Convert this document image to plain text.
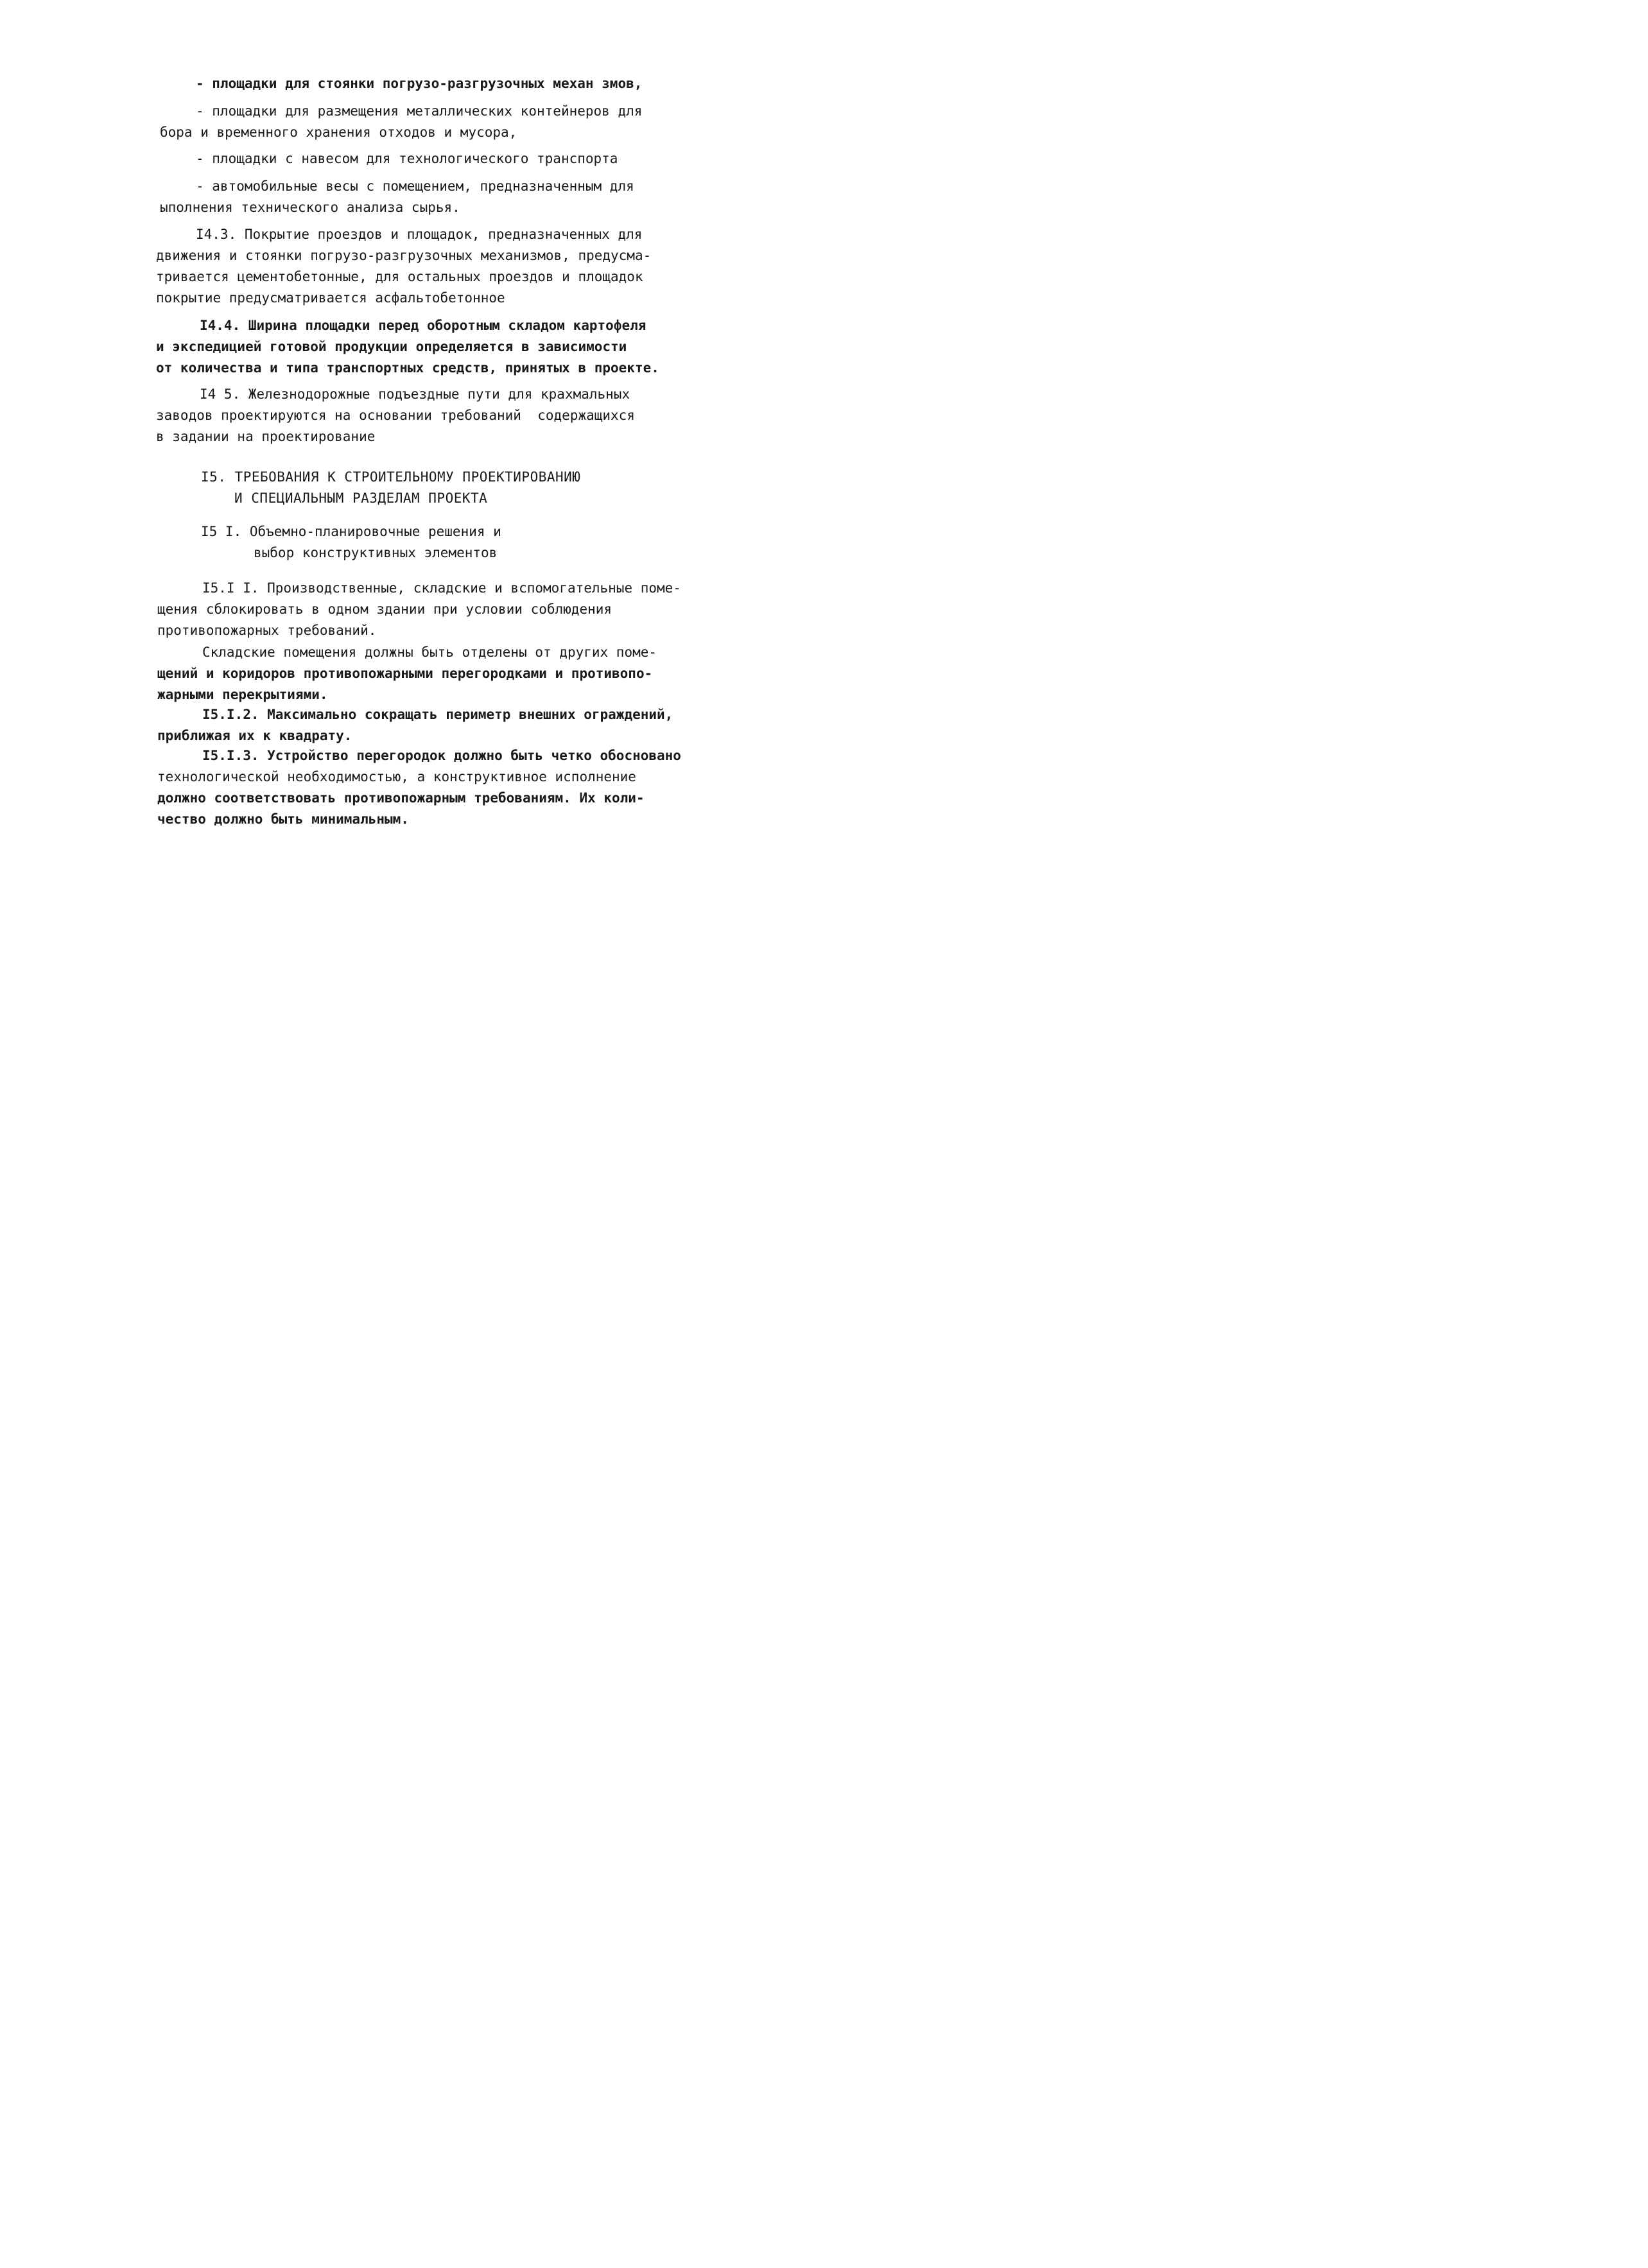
- площадки для стоянки погрузо-разгрузочных механ змов,
- площадки для размещения металлических контейнеров для
бора и временного хранения отходов и мусора,
- площадки с навесом для технологического транспорта
- автомобильные весы с помещением, предназначенным для
ыполнения технического анализа сырья.
I4.3. Покрытие проездов и площадок, предназначенных для
движения и стоянки погрузо-разгрузочных механизмов, предусма-
тривается цементобетонные, для остальных проездов и площадок
покрытие предусматривается асфальтобетонное
I4.4. Ширина площадки перед оборотным складом картофеля
и экспедицией готовой продукции определяется в зависимости
от количества и типа транспортных средств, принятых в проекте.
I4 5. Железнодорожные подъездные пути для крахмальных
заводов проектируются на основании требований  содержащихся
в задании на проектирование
I5. ТРЕБОВАНИЯ К СТРОИТЕЛЬНОМУ ПРОЕКТИРОВАНИЮ
И СПЕЦИАЛЬНЫМ РАЗДЕЛАМ ПРОЕКТА
I5 I. Объемно-планировочные решения и
выбор конструктивных элементов
I5.I I. Производственные, складские и вспомогательные поме-
щения сблокировать в одном здании при условии соблюдения
противопожарных требований.
Складские помещения должны быть отделены от других поме-
щений и коридоров противопожарными перегородками и противопо-
жарными перекрытиями.
I5.I.2. Максимально сокращать периметр внешних ограждений,
приближая их к квадрату.
I5.I.3. Устройство перегородок должно быть четко обосновано
технологической необходимостью, а конструктивное исполнение
должно соответствовать противопожарным требованиям. Их коли-
чество должно быть минимальным.
